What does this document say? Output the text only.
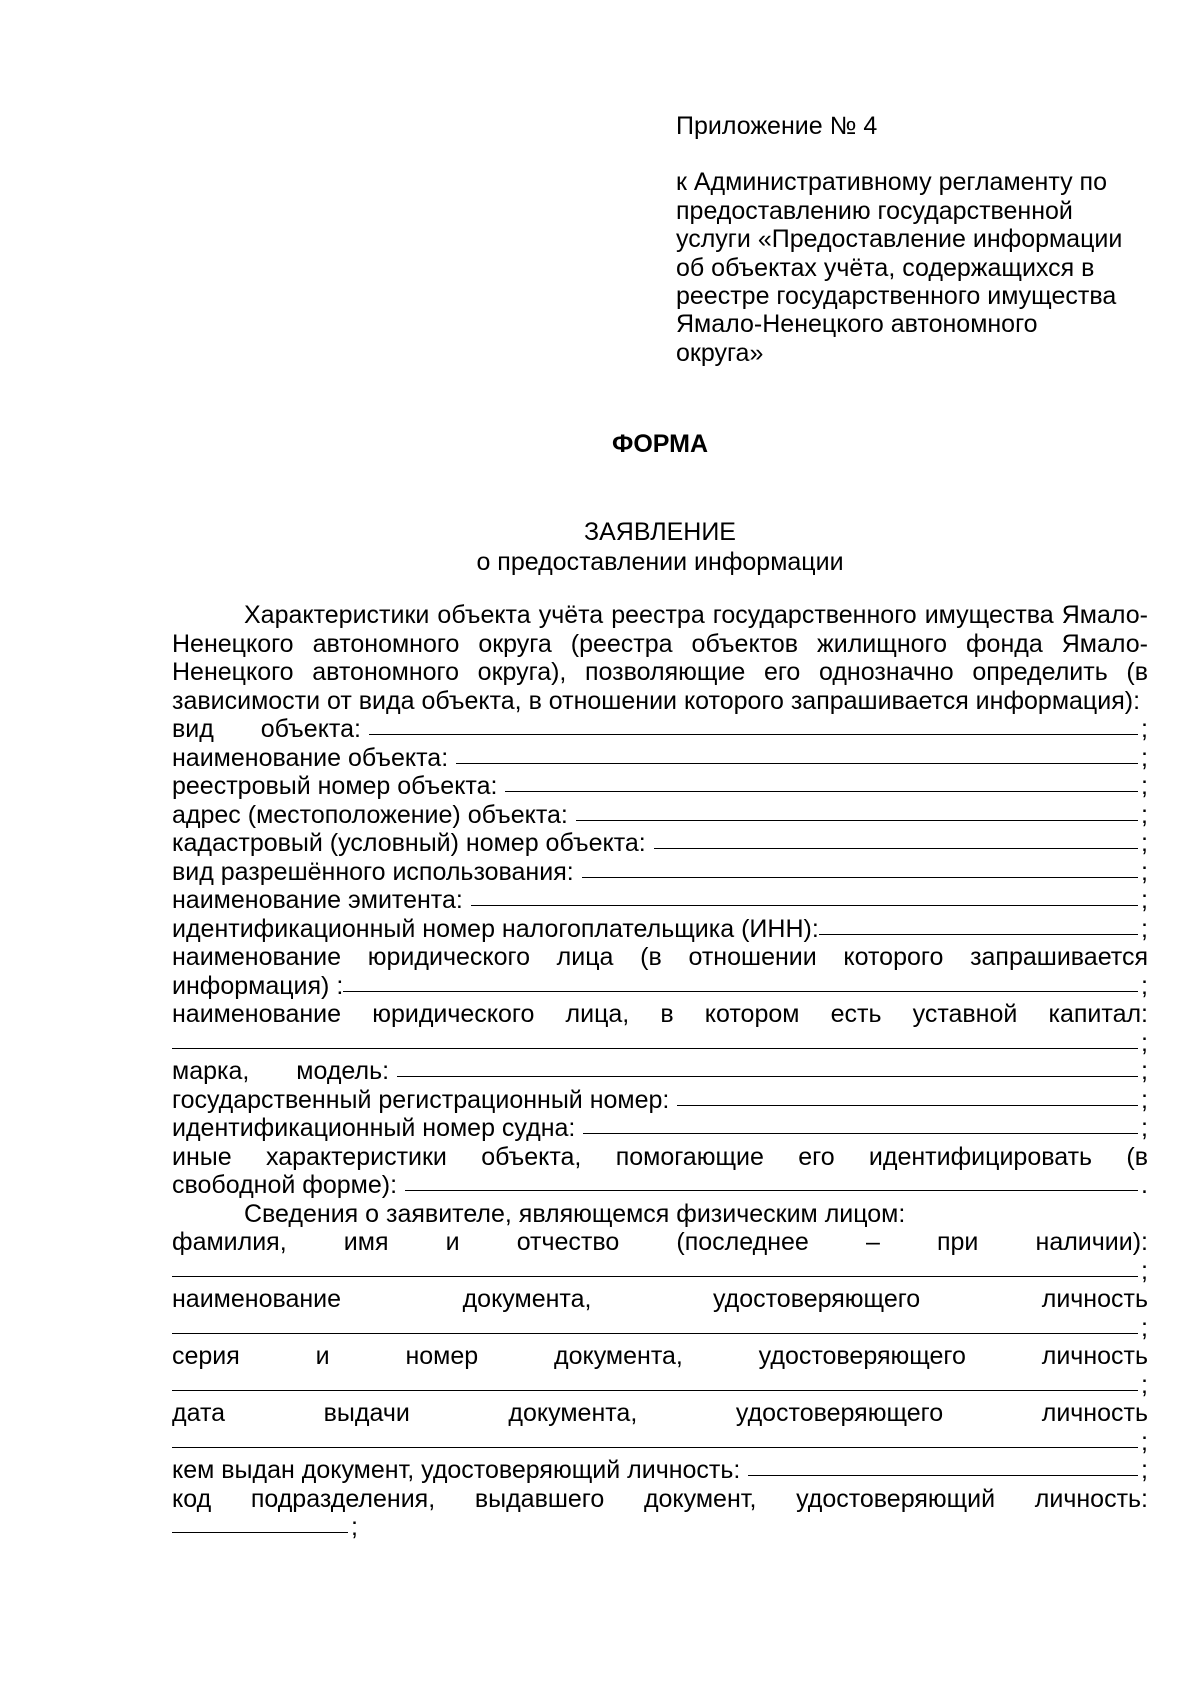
Приложение № 4
к Административному регламенту по
предоставлению государственной
услуги «Предоставление информации
об объектах учёта, содержащихся в
реестре государственного имущества
Ямало-Ненецкого автономного
округа»
ФОРМА
ЗАЯВЛЕНИЕ
о предоставлении информации
Характеристики объекта учёта реестра государственного имущества Ямало-Ненецкого автономного округа (реестра объектов жилищного фонда Ямало-Ненецкого автономного округа), позволяющие его однозначно определить (в зависимости от вида объекта, в отношении которого запрашивается информация):
вид объекта:	;
наименование объекта:	;
реестровый номер объекта:	;
адрес (местоположение) объекта:	;
кадастровый (условный) номер объекта:	;
вид разрешённого использования:	;
наименование эмитента:	;
идентификационный номер налогоплательщика (ИНН):	;
наименование юридического лица (в отношении которого запрашивается
информация) :	;
наименование юридического лица, в котором есть уставной капитал:
;
марка, модель:	;
государственный регистрационный номер:	;
идентификационный номер судна:	;
иные характеристики объекта, помогающие его идентифицировать (в
свободной форме):	.
Сведения о заявителе, являющемся физическим лицом:
фамилия, имя и отчество (последнее – при наличии):
;
наименование документа, удостоверяющего личность
;
серия и номер документа, удостоверяющего личность
;
дата выдачи документа, удостоверяющего личность
;
кем выдан документ, удостоверяющий личность:	;
код подразделения, выдавшего документ, удостоверяющий личность:
;
